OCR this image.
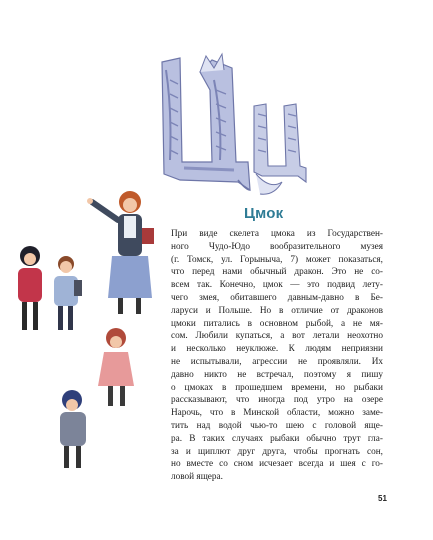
Цмок
При виде скелета цмока из Государствен-
ного Чудо-Юдо вообразительного музея
(г. Томск, ул. Горыныча, 7) может показаться,
что перед нами обычный дракон. Это не со-
всем так. Конечно, цмок — это подвид лету-
чего змея, обитавшего давным-давно в Бе-
ларуси и Польше. Но в отличие от драконов
цмоки питались в основном рыбой, а не мя-
сом. Любили купаться, а вот летали неохотно
и несколько неуклюже. К людям неприязни
не испытывали, агрессии не проявляли. Их
давно никто не встречал, поэтому я пишу
о цмоках в прошедшем времени, но рыбаки
рассказывают, что иногда под утро на озере
Нарочь, что в Минской области, можно заме-
тить над водой чью-то шею с головой яще-
ра. В таких случаях рыбаки обычно трут гла-
за и щиплют друг друга, чтобы прогнать сон,
но вместе со сном исчезает всегда и шея с го-
ловой ящера.
51
